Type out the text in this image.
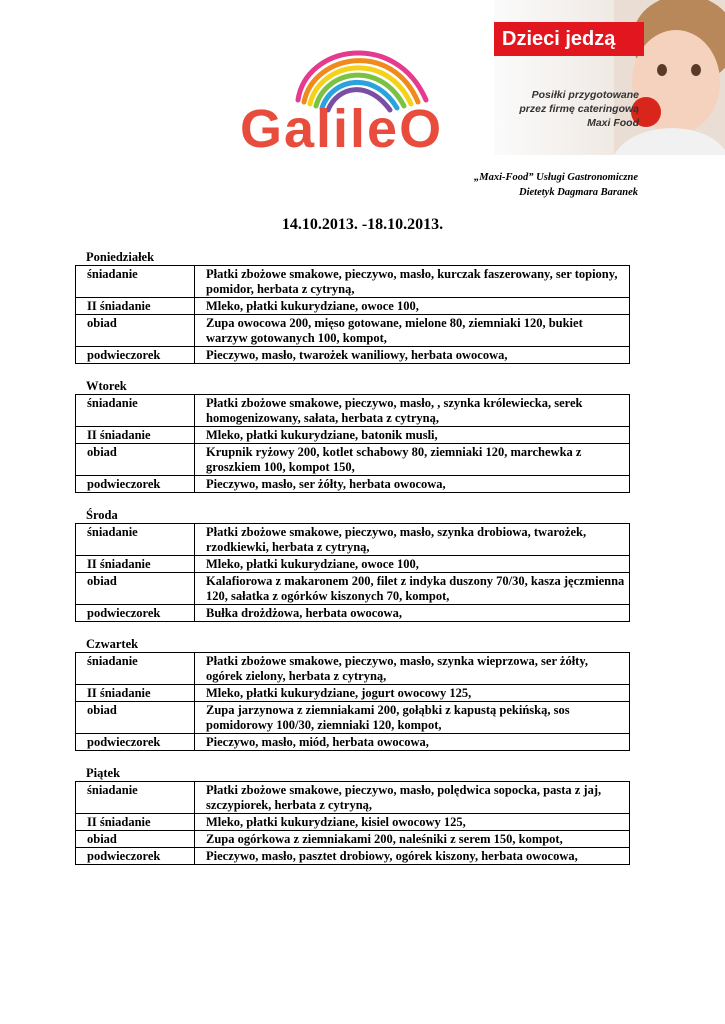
GalileO
Dzieci jedzą
Posiłki przygotowane
przez firmę cateringową
Maxi Food
„Maxi-Food” Usługi Gastronomiczne
Dietetyk Dagmara Baranek
14.10.2013. -18.10.2013.
Poniedziałek
śniadanie	Płatki zbożowe smakowe, pieczywo, masło, kurczak faszerowany, ser topiony, pomidor, herbata z cytryną,
II śniadanie	Mleko, płatki kukurydziane, owoce 100,
obiad	Zupa owocowa 200, mięso gotowane, mielone 80, ziemniaki 120, bukiet warzyw gotowanych 100, kompot,
podwieczorek	Pieczywo, masło, twarożek waniliowy, herbata owocowa,
Wtorek
śniadanie	Płatki zbożowe smakowe, pieczywo, masło, , szynka królewiecka, serek homogenizowany, sałata, herbata z cytryną,
II śniadanie	Mleko, płatki kukurydziane, batonik musli,
obiad	Krupnik ryżowy 200, kotlet schabowy 80, ziemniaki 120, marchewka z groszkiem 100, kompot 150,
podwieczorek	Pieczywo, masło, ser żółty, herbata owocowa,
Środa
śniadanie	Płatki zbożowe smakowe, pieczywo, masło, szynka drobiowa, twarożek, rzodkiewki, herbata z cytryną,
II śniadanie	Mleko, płatki kukurydziane, owoce 100,
obiad	Kalafiorowa z makaronem 200, filet z indyka duszony 70/30, kasza jęczmienna 120, sałatka z ogórków kiszonych 70, kompot,
podwieczorek	Bułka drożdżowa, herbata owocowa,
Czwartek
śniadanie	Płatki zbożowe smakowe, pieczywo, masło, szynka wieprzowa, ser żółty, ogórek zielony, herbata z cytryną,
II śniadanie	Mleko, płatki kukurydziane, jogurt owocowy 125,
obiad	Zupa jarzynowa z ziemniakami 200, gołąbki z kapustą pekińską, sos pomidorowy 100/30, ziemniaki 120, kompot,
podwieczorek	Pieczywo, masło, miód, herbata owocowa,
Piątek
śniadanie	Płatki zbożowe smakowe, pieczywo, masło, polędwica sopocka, pasta z jaj, szczypiorek, herbata z cytryną,
II śniadanie	Mleko, płatki kukurydziane, kisiel owocowy 125,
obiad	Zupa ogórkowa z ziemniakami 200, naleśniki z serem 150, kompot,
podwieczorek	Pieczywo, masło, pasztet drobiowy, ogórek kiszony, herbata owocowa,
